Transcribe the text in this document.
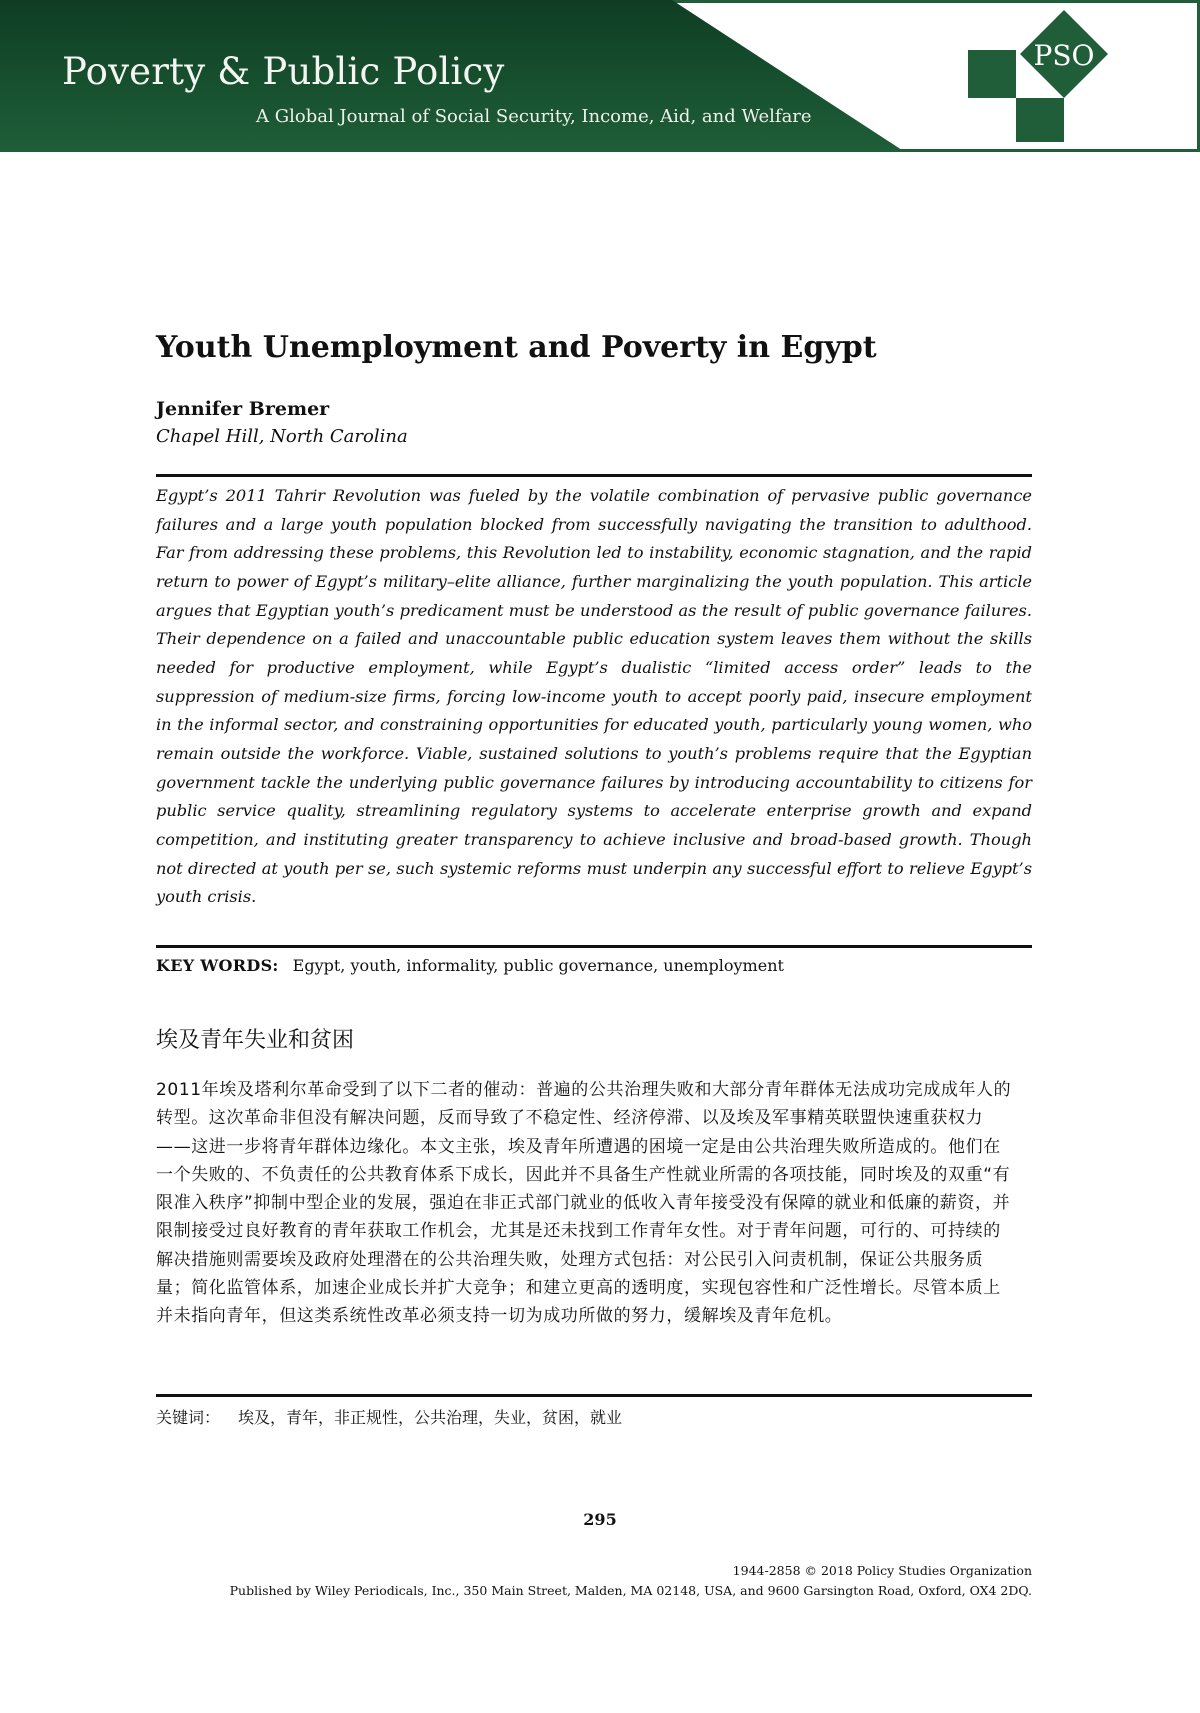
Poverty & Public Policy

A Global Journal of Social Security, Income, Aid, and Welfare

PSO
Youth Unemployment and Poverty in Egypt

Jennifer Bremer

Chapel Hill, North Carolina

Egypt’s 2011 Tahrir Revolution was fueled by the volatile combination of pervasive public governance failures and a large youth population blocked from successfully navigating the transition to adulthood. Far from addressing these problems, this Revolution led to instability, economic stagnation, and the rapid return to power of Egypt’s military–elite alliance, further marginalizing the youth population. This article argues that Egyptian youth’s predicament must be understood as the result of public governance failures. Their dependence on a failed and unaccountable public education system leaves them without the skills needed for productive employment, while Egypt’s dualistic “limited access order” leads to the suppression of medium-size firms, forcing low-income youth to accept poorly paid, insecure employment in the informal sector, and constraining opportunities for educated youth, particularly young women, who remain outside the workforce. Viable, sustained solutions to youth’s problems require that the Egyptian government tackle the underlying public governance failures by introducing accountability to citizens for public service quality, streamlining regulatory systems to accelerate enterprise growth and expand competition, and instituting greater transparency to achieve inclusive and broad-based growth. Though not directed at youth per se, such systemic reforms must underpin any successful effort to relieve Egypt’s youth crisis.

KEY WORDS: Egypt, youth, informality, public governance, unemployment

埃及青年失业和贫困

2011年埃及塔利尔革命受到了以下二者的催动：普遍的公共治理失败和大部分青年群体无法成功完成成年人的转型。这次革命非但没有解决问题，反而导致了不稳定性、经济停滞、以及埃及军事精英联盟快速重获权力——这进一步将青年群体边缘化。本文主张，埃及青年所遭遇的困境一定是由公共治理失败所造成的。他们在一个失败的、不负责任的公共教育体系下成长，因此并不具备生产性就业所需的各项技能，同时埃及的双重“有限准入秩序”抑制中型企业的发展，强迫在非正式部门就业的低收入青年接受没有保障的就业和低廉的薪资，并限制接受过良好教育的青年获取工作机会，尤其是还未找到工作青年女性。对于青年问题，可行的、可持续的解决措施则需要埃及政府处理潜在的公共治理失败，处理方式包括：对公民引入问责机制，保证公共服务质量；简化监管体系，加速企业成长并扩大竞争；和建立更高的透明度，实现包容性和广泛性增长。尽管本质上并未指向青年，但这类系统性改革必须支持一切为成功所做的努力，缓解埃及青年危机。

关键词： 埃及，青年，非正规性，公共治理，失业，贫困，就业

295

1944-2858 © 2018 Policy Studies Organization
Published by Wiley Periodicals, Inc., 350 Main Street, Malden, MA 02148, USA, and 9600 Garsington Road, Oxford, OX4 2DQ.
